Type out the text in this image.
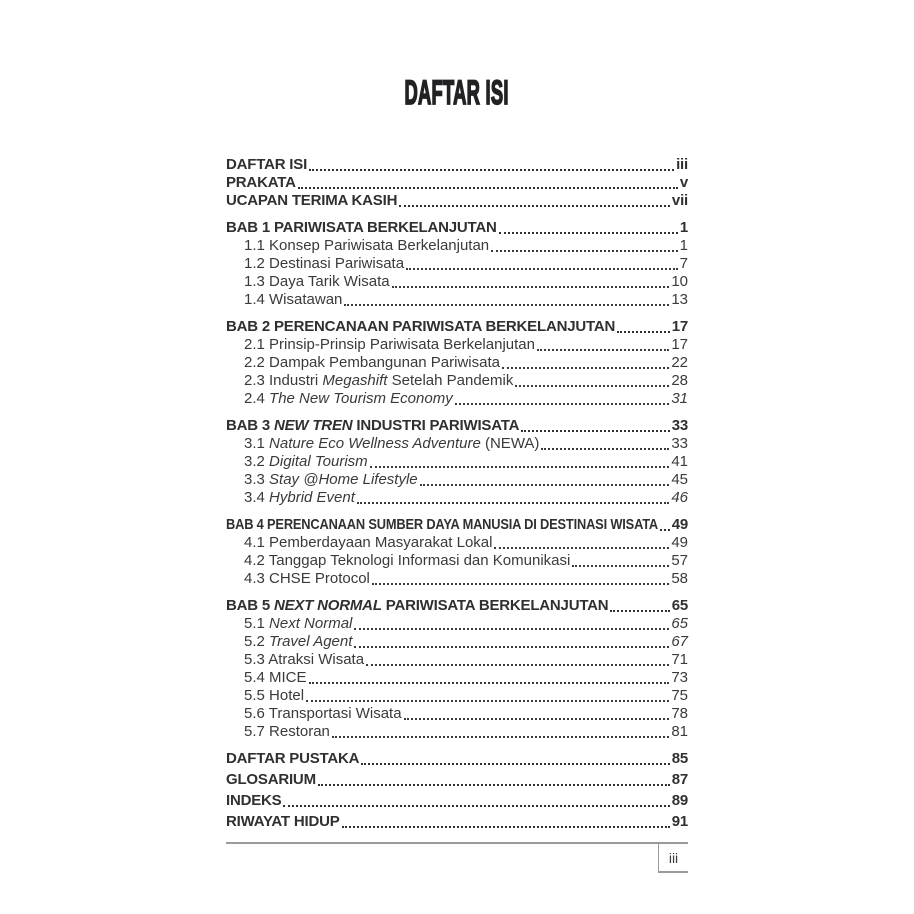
DAFTAR ISI
DAFTAR ISI	iii
PRAKATA	v
UCAPAN TERIMA KASIH	vii
BAB 1 PARIWISATA BERKELANJUTAN	1
1.1 Konsep Pariwisata Berkelanjutan	1
1.2 Destinasi Pariwisata	7
1.3 Daya Tarik Wisata	10
1.4 Wisatawan	13
BAB 2 PERENCANAAN PARIWISATA BERKELANJUTAN	17
2.1 Prinsip-Prinsip Pariwisata Berkelanjutan	17
2.2 Dampak Pembangunan Pariwisata	22
2.3 Industri Megashift Setelah Pandemik	28
2.4 The New Tourism Economy	31
BAB 3 NEW TREN INDUSTRI PARIWISATA	33
3.1 Nature Eco Wellness Adventure (NEWA)	33
3.2 Digital Tourism	41
3.3 Stay @Home Lifestyle	45
3.4 Hybrid Event	46
BAB 4 PERENCANAAN SUMBER DAYA MANUSIA DI DESTINASI WISATA 49
4.1 Pemberdayaan Masyarakat Lokal	49
4.2 Tanggap Teknologi Informasi dan Komunikasi	57
4.3 CHSE Protocol	58
BAB 5 NEXT NORMAL PARIWISATA BERKELANJUTAN	65
5.1 Next Normal	65
5.2 Travel Agent	67
5.3 Atraksi Wisata	71
5.4 MICE	73
5.5 Hotel	75
5.6 Transportasi Wisata	78
5.7 Restoran	81
DAFTAR PUSTAKA	85
GLOSARIUM	87
INDEKS	89
RIWAYAT HIDUP	91
iii
